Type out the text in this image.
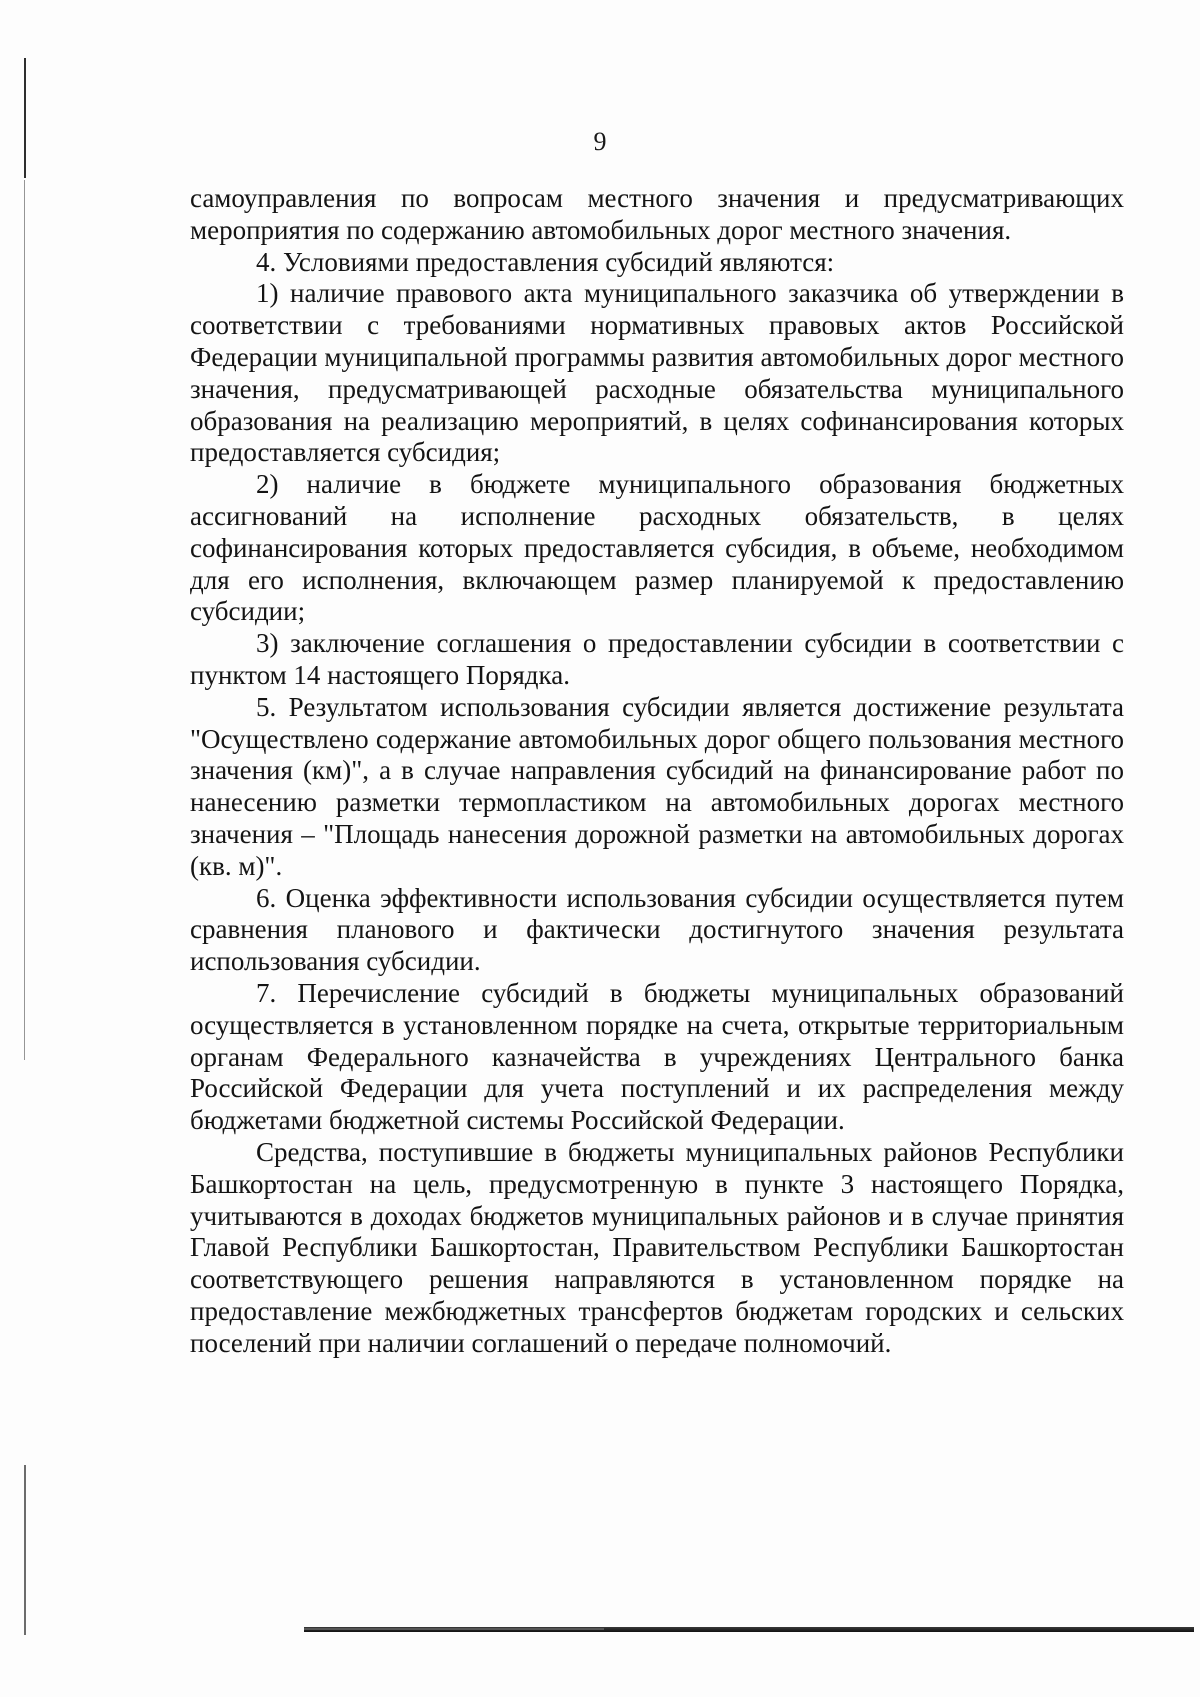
9

самоуправления по вопросам местного значения и предусматривающих мероприятия по содержанию автомобильных дорог местного значения.

4. Условиями предоставления субсидий являются:

1) наличие правового акта муниципального заказчика об утверждении в соответствии с требованиями нормативных правовых актов Российской Федерации муниципальной программы развития автомобильных дорог местного значения, предусматривающей расходные обязательства муниципального образования на реализацию мероприятий, в целях софинансирования которых предоставляется субсидия;

2) наличие в бюджете муниципального образования бюджетных ассигнований на исполнение расходных обязательств, в целях софинансирования которых предоставляется субсидия, в объеме, необходимом для его исполнения, включающем размер планируемой к предоставлению субсидии;

3) заключение соглашения о предоставлении субсидии в соответствии с пунктом 14 настоящего Порядка.

5. Результатом использования субсидии является достижение результата "Осуществлено содержание автомобильных дорог общего пользования местного значения (км)", а в случае направления субсидий на финансирование работ по нанесению разметки термопластиком на автомобильных дорогах местного значения – "Площадь нанесения дорожной разметки на автомобильных дорогах (кв. м)".

6. Оценка эффективности использования субсидии осуществляется путем сравнения планового и фактически достигнутого значения результата использования субсидии.

7. Перечисление субсидий в бюджеты муниципальных образований осуществляется в установленном порядке на счета, открытые территориальным органам Федерального казначейства в учреждениях Центрального банка Российской Федерации для учета поступлений и их распределения между бюджетами бюджетной системы Российской Федерации.

Средства, поступившие в бюджеты муниципальных районов Республики Башкортостан на цель, предусмотренную в пункте 3 настоящего Порядка, учитываются в доходах бюджетов муниципальных районов и в случае принятия Главой Республики Башкортостан, Правительством Республики Башкортостан соответствующего решения направляются в установленном порядке на предоставление межбюджетных трансфертов бюджетам городских и сельских поселений при наличии соглашений о передаче полномочий.
